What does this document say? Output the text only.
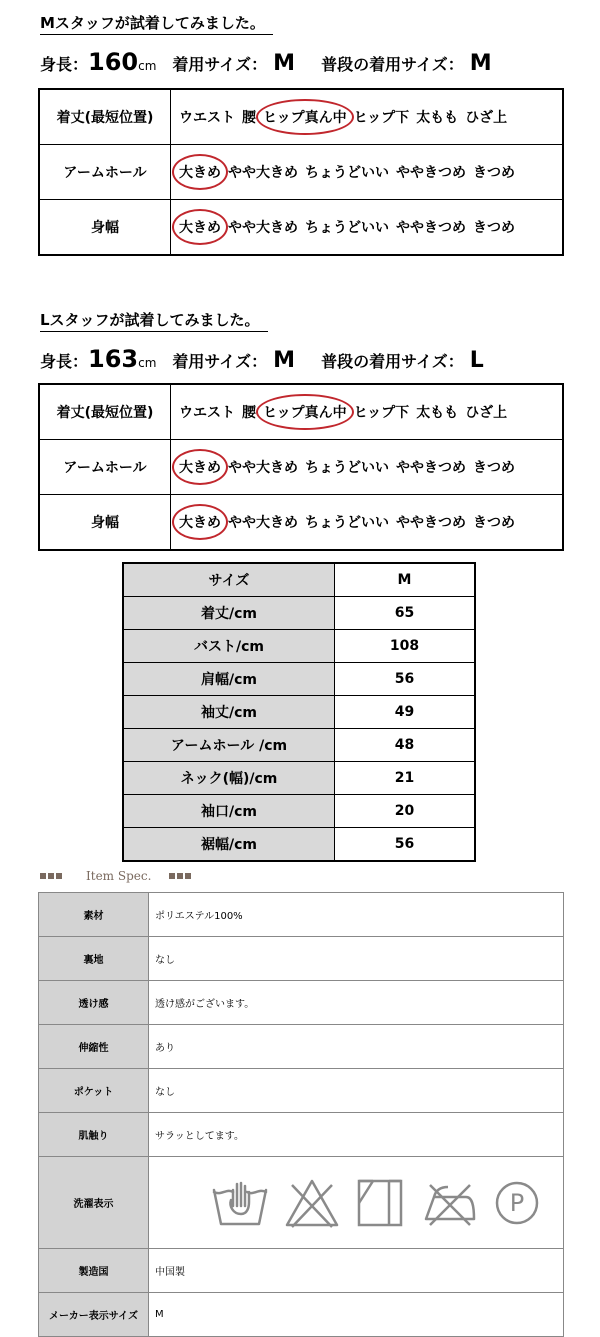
Mスタッフが試着してみました。
身長： 160 cm 着用サイズ： M 普段の着用サイズ： M
着丈(最短位置)	ウエスト 腰 ヒップ真ん中 ヒップ下 太もも ひざ上
アームホール	大きめ やや大きめ ちょうどいい ややきつめ きつめ
身幅	大きめ やや大きめ ちょうどいい ややきつめ きつめ
Lスタッフが試着してみました。
身長： 163 cm 着用サイズ： M 普段の着用サイズ： L
着丈(最短位置)	ウエスト 腰 ヒップ真ん中 ヒップ下 太もも ひざ上
アームホール	大きめ やや大きめ ちょうどいい ややきつめ きつめ
身幅	大きめ やや大きめ ちょうどいい ややきつめ きつめ
サイズ	M
着丈/cm	65
バスト/cm	108
肩幅/cm	56
袖丈/cm	49
アームホール /cm	48
ネック(幅)/cm	21
袖口/cm	20
裾幅/cm	56
Item Spec.
素材	ポリエステル100%
裏地	なし
透け感	透け感がございます。
伸縮性	あり
ポケット	なし
肌触り	サラッとしてます。
洗濯表示	P

製造国	中国製
メーカー表示サイズ	M
